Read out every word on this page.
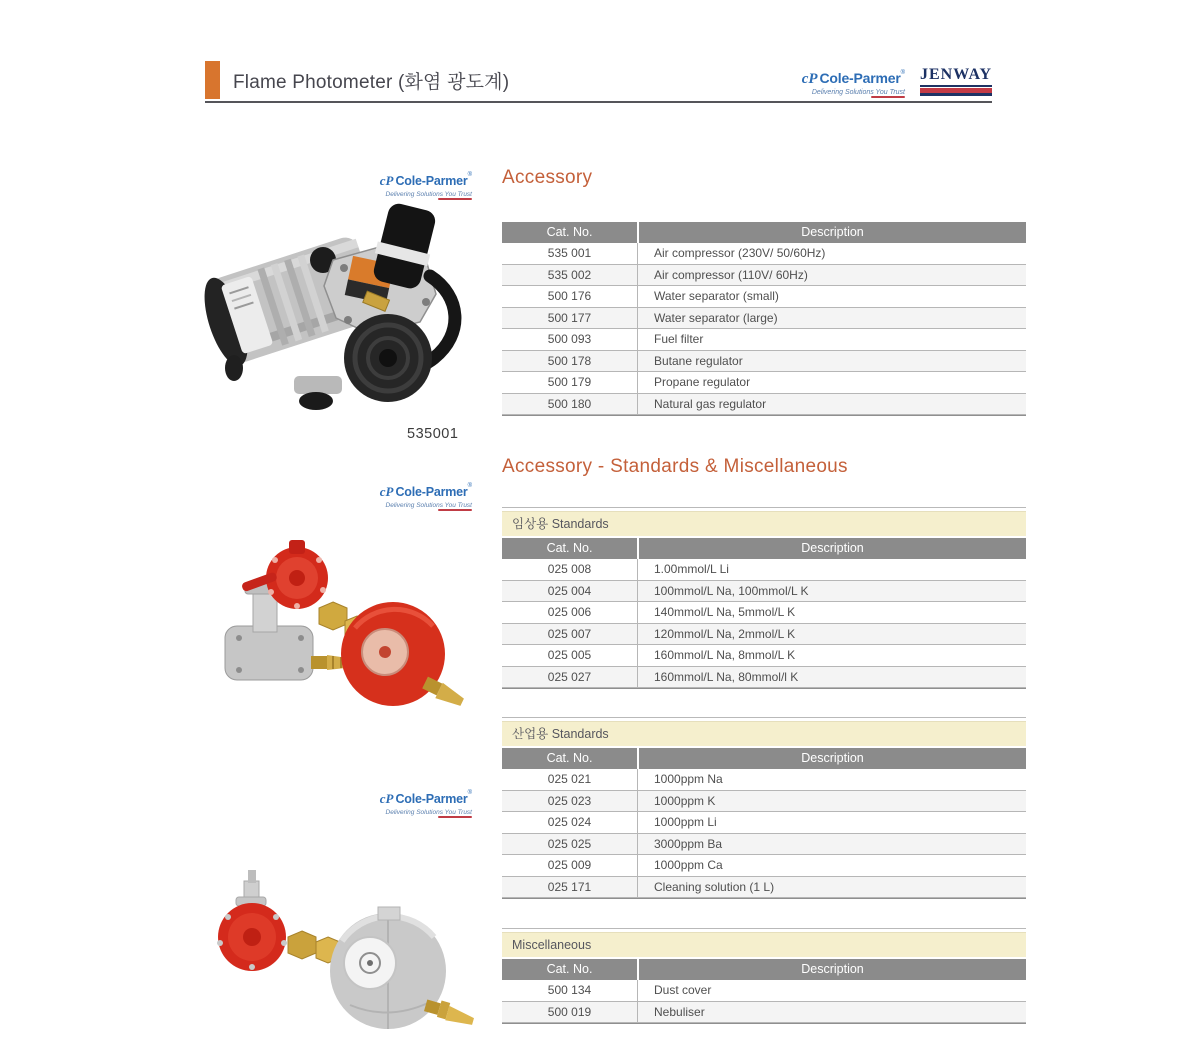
Flame Photometer (화염 광도계)	cP Cole-Parmer®
Delivering Solutions You Trust
JENWAY
cP Cole-Parmer®
Delivering Solutions You Trust
535001
cP Cole-Parmer®
Delivering Solutions You Trust
cP Cole-Parmer®
Delivering Solutions You Trust
Accessory
Cat. No.	Description
535 001	Air compressor (230V/ 50/60Hz)
535 002	Air compressor (110V/ 60Hz)
500 176	Water separator (small)
500 177	Water separator (large)
500 093	Fuel filter
500 178	Butane regulator
500 179	Propane regulator
500 180	Natural gas regulator
Accessory - Standards & Miscellaneous
임상용 Standards
Cat. No.	Description
025 008	1.00mmol/L Li
025 004	100mmol/L Na, 100mmol/L K
025 006	140mmol/L Na, 5mmol/L K
025 007	120mmol/L Na, 2mmol/L K
025 005	160mmol/L Na, 8mmol/L K
025 027	160mmol/L Na, 80mmol/l K
산업용 Standards
Cat. No.	Description
025 021	1000ppm Na
025 023	1000ppm K
025 024	1000ppm Li
025 025	3000ppm Ba
025 009	1000ppm Ca
025 171	Cleaning solution (1 L)
Miscellaneous
Cat. No.	Description
500 134	Dust cover
500 019	Nebuliser
